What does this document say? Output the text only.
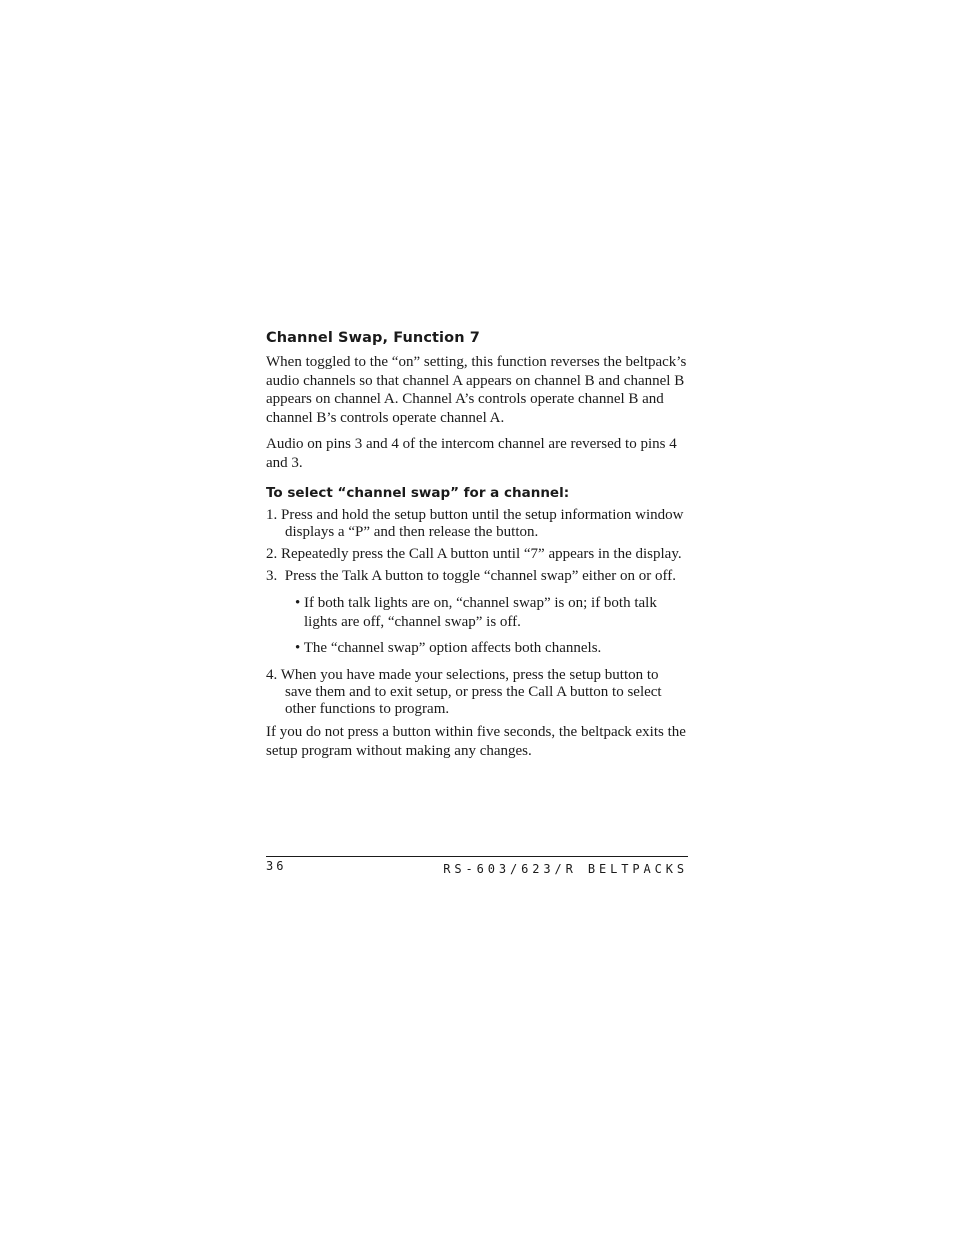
Channel Swap, Function 7

When toggled to the “on” setting, this function reverses the beltpack’s audio channels so that channel A appears on channel B and channel B appears on channel A. Channel A’s controls operate channel B and channel B’s controls operate channel A.

Audio on pins 3 and 4 of the intercom channel are reversed to pins 4 and 3.

To select “channel swap” for a channel:
1. Press and hold the setup button until the setup information window displays a “P” and then release the button.
2. Repeatedly press the Call A button until “7” appears in the display.
3. Press the Talk A button to toggle “channel swap” either on or off.
• If both talk lights are on, “channel swap” is on; if both talk lights are off, “channel swap” is off.
• The “channel swap” option affects both channels.
4. When you have made your selections, press the setup button to save them and to exit setup, or press the Call A button to select other functions to program.

If you do not press a button within five seconds, the beltpack exits the setup program without making any changes.

36	RS-603/623/R BELTPACKS
